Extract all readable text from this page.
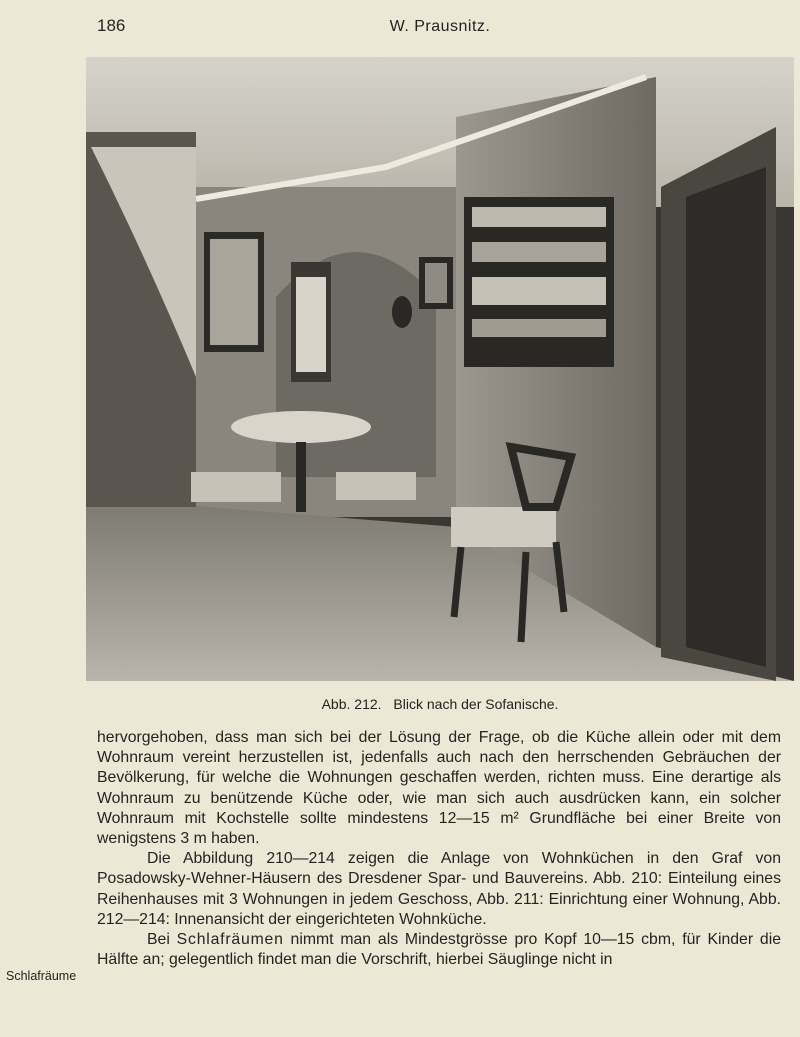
186	W. Prausnitz.
Abb. 212. Blick nach der Sofanische.

hervorgehoben, dass man sich bei der Lösung der Frage, ob die Küche allein oder mit dem Wohnraum vereint herzustellen ist, jedenfalls auch nach den herrschenden Gebräuchen der Bevölkerung, für welche die Wohnungen geschaffen werden, richten muss. Eine derartige als Wohnraum zu benützende Küche oder, wie man sich auch ausdrücken kann, ein solcher Wohnraum mit Kochstelle sollte mindestens 12—15 m² Grundfläche bei einer Breite von wenigstens 3 m haben.

Die Abbildung 210—214 zeigen die Anlage von Wohnküchen in den Graf von Posadowsky-Wehner-Häusern des Dresdener Spar- und Bauvereins. Abb. 210: Einteilung eines Reihenhauses mit 3 Wohnungen in jedem Geschoss, Abb. 211: Einrichtung einer Wohnung, Abb. 212—214: Innenansicht der eingerichteten Wohnküche.

Bei Schlafräumen nimmt man als Mindestgrösse pro Kopf 10—15 cbm, für Kinder die Hälfte an; gelegentlich findet man die Vorschrift, hierbei Säuglinge nicht in

Schlafräume
